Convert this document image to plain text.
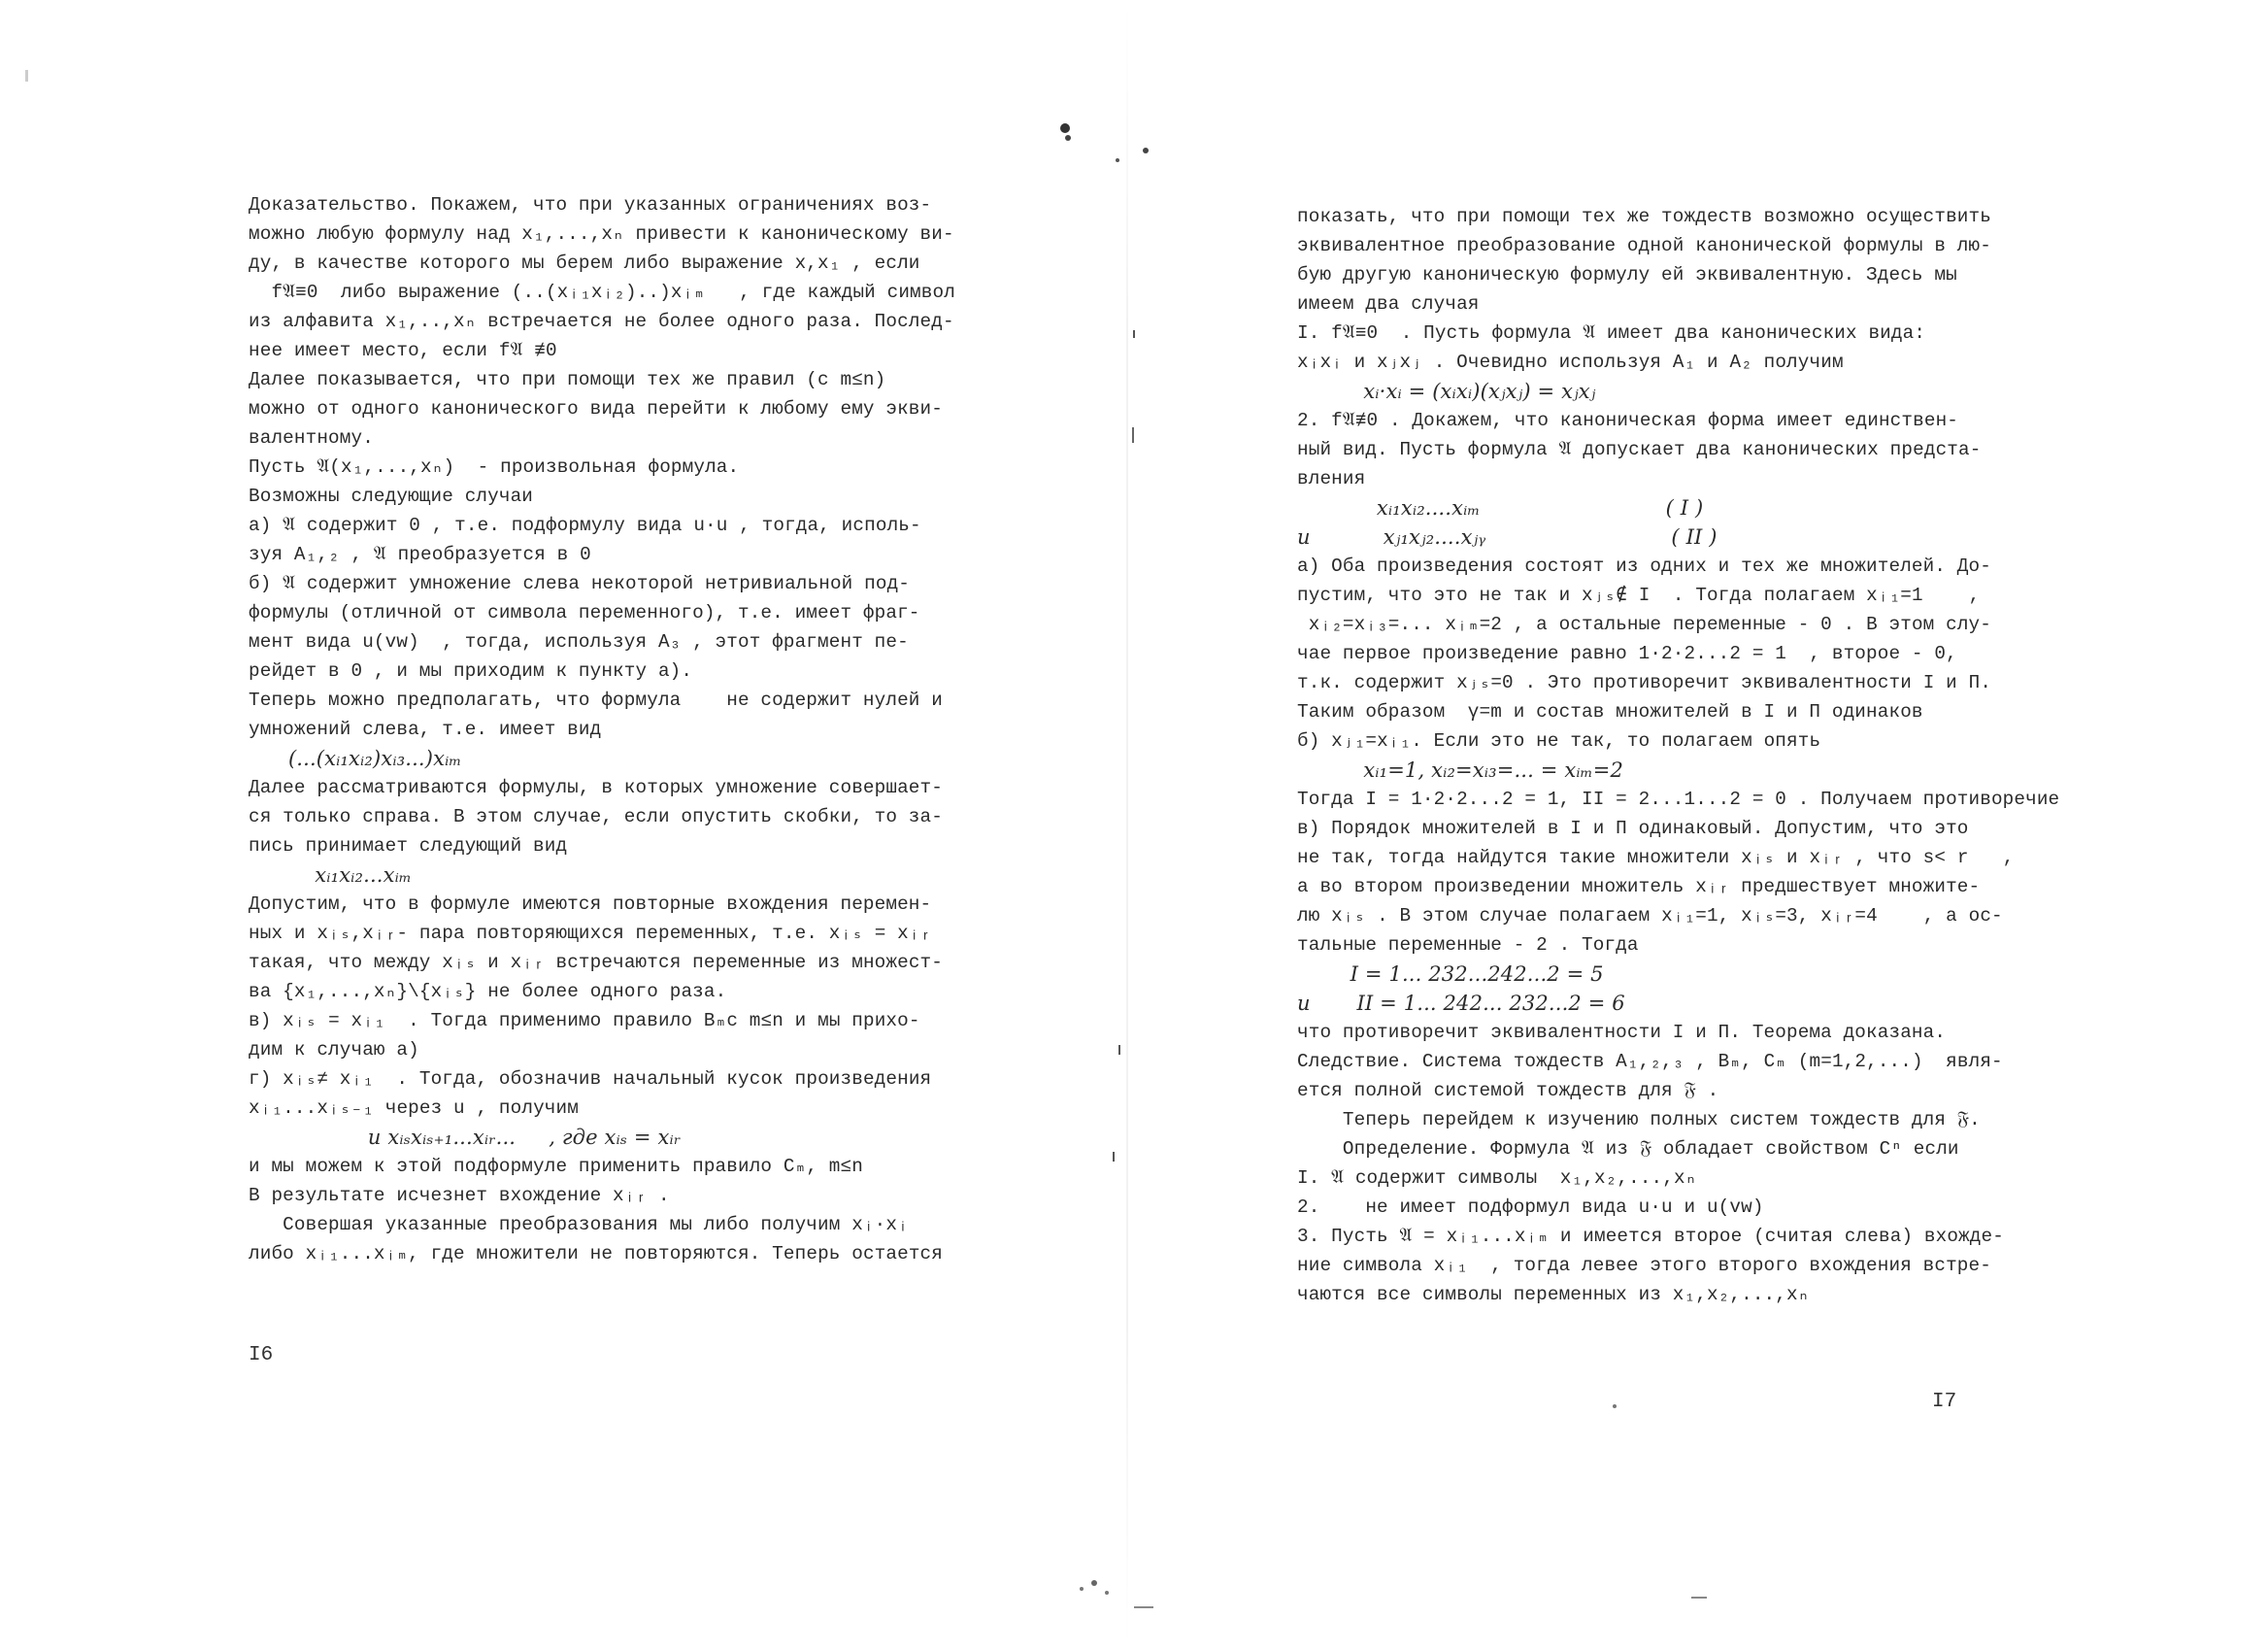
Доказательство. Покажем, что при указанных ограничениях воз-
можно любую формулу над x₁,...,xₙ привести к каноническому ви-
ду, в качестве которого мы берем либо выражение x,x₁ , если
f𝔄≡0  либо выражение (..(xᵢ₁xᵢ₂)..)xᵢₘ   , где каждый символ
из алфавита x₁,..,xₙ встречается не более одного раза. Послед-
нее имеет место, если f𝔄 ≢0
Далее показывается, что при помощи тех же правил (c m≤n)
можно от одного канонического вида перейти к любому ему экви-
валентному.
Пусть 𝔄(x₁,...,xₙ)  - произвольная формула.
Возможны следующие случаи
а) 𝔄 содержит 0 , т.е. подформулу вида u·u , тогда, исполь-
зуя A₁,₂ , 𝔄 преобразуется в 0
б) 𝔄 содержит умножение слева некоторой нетривиальной под-
формулы (отличной от символа переменного), т.е. имеет фраг-
мент вида u(vw)  , тогда, используя A₃ , этот фрагмент пе-
рейдет в 0 , и мы приходим к пункту а).
Теперь можно предполагать, что формула    не содержит нулей и
умножений слева, т.е. имеет вид
(...(xᵢ₁xᵢ₂)xᵢ₃...)xᵢₘ
Далее рассматриваются формулы, в которых умножение совершает-
ся только справа. В этом случае, если опустить скобки, то за-
пись принимает следующий вид
xᵢ₁xᵢ₂...xᵢₘ
Допустим, что в формуле имеются повторные вхождения перемен-
ных и xᵢₛ,xᵢᵣ- пара повторяющихся переменных, т.е. xᵢₛ = xᵢᵣ
такая, что между xᵢₛ и xᵢᵣ встречаются переменные из множест-
ва {x₁,...,xₙ}\{xᵢₛ} не более одного раза.
в) xᵢₛ = xᵢ₁  . Тогда применимо правило Bₘc m≤n и мы прихо-
дим к случаю а)
г) xᵢₛ≠ xᵢ₁  . Тогда, обозначив начальный кусок произведения
xᵢ₁...xᵢₛ₋₁ через u , получим
u xᵢₛxᵢₛ₊₁...xᵢᵣ...     , где xᵢₛ = xᵢᵣ
и мы можем к этой подформуле применить правило Cₘ, m≤n
В результате исчезнет вхождение xᵢᵣ .
Совершая указанные преобразования мы либо получим xᵢ·xᵢ
либо xᵢ₁...xᵢₘ, где множители не повторяются. Теперь остается
показать, что при помощи тех же тождеств возможно осуществить
эквивалентное преобразование одной канонической формулы в лю-
бую другую каноническую формулу ей эквивалентную. Здесь мы
имеем два случая
I. f𝔄≡0  . Пусть формула 𝔄 имеет два канонических вида:
xᵢxᵢ и xⱼxⱼ . Очевидно используя A₁ и A₂ получим
xᵢ·xᵢ = (xᵢxᵢ)(xⱼxⱼ) = xⱼxⱼ
2. f𝔄≢0 . Докажем, что каноническая форма имеет единствен-
ный вид. Пусть формула 𝔄 допускает два канонических предста-
вления
xᵢ₁xᵢ₂....xᵢₘ                            ( I )
и           xⱼ₁xⱼ₂....xⱼᵧ                            ( II )
а) Оба произведения состоят из одних и тех же множителей. До-
пустим, что это не так и xⱼₛ∉ I  . Тогда полагаем xᵢ₁=1    ,
xᵢ₂=xᵢ₃=... xᵢₘ=2 , а остальные переменные - 0 . В этом слу-
чае первое произведение равно 1·2·2...2 = 1  , второе - 0,
т.к. содержит xⱼₛ=0 . Это противоречит эквивалентности I и П.
Таким образом  γ=m и состав множителей в I и П одинаков
б) xⱼ₁=xᵢ₁. Если это не так, то полагаем опять
xᵢ₁=1, xᵢ₂=xᵢ₃=... = xᵢₘ=2
Тогда I = 1·2·2...2 = 1, II = 2...1...2 = 0 . Получаем противоречие
в) Порядок множителей в I и П одинаковый. Допустим, что это
не так, тогда найдутся такие множители xᵢₛ и xᵢᵣ , что s< r   ,
а во втором произведении множитель xᵢᵣ предшествует множите-
лю xᵢₛ . В этом случае полагаем xᵢ₁=1, xᵢₛ=3, xᵢᵣ=4    , а ос-
тальные переменные - 2 . Тогда
I = 1... 232...242...2 = 5
и       II = 1... 242... 232...2 = 6
что противоречит эквивалентности I и П. Теорема доказана.
Следствие. Система тождеств A₁,₂,₃ , Bₘ, Cₘ (m=1,2,...)  явля-
ется полной системой тождеств для 𝔉 .
Теперь перейдем к изучению полных систем тождеств для 𝔉.
Определение. Формула 𝔄 из 𝔉 обладает свойством Cⁿ если
I. 𝔄 содержит символы  x₁,x₂,...,xₙ
2.    не имеет подформул вида u·u и u(vw)
3. Пусть 𝔄 = xᵢ₁...xᵢₘ и имеется второе (считая слева) вхожде-
ние символа xᵢ₁  , тогда левее этого второго вхождения встре-
чаются все символы переменных из x₁,x₂,...,xₙ
I6
I7
